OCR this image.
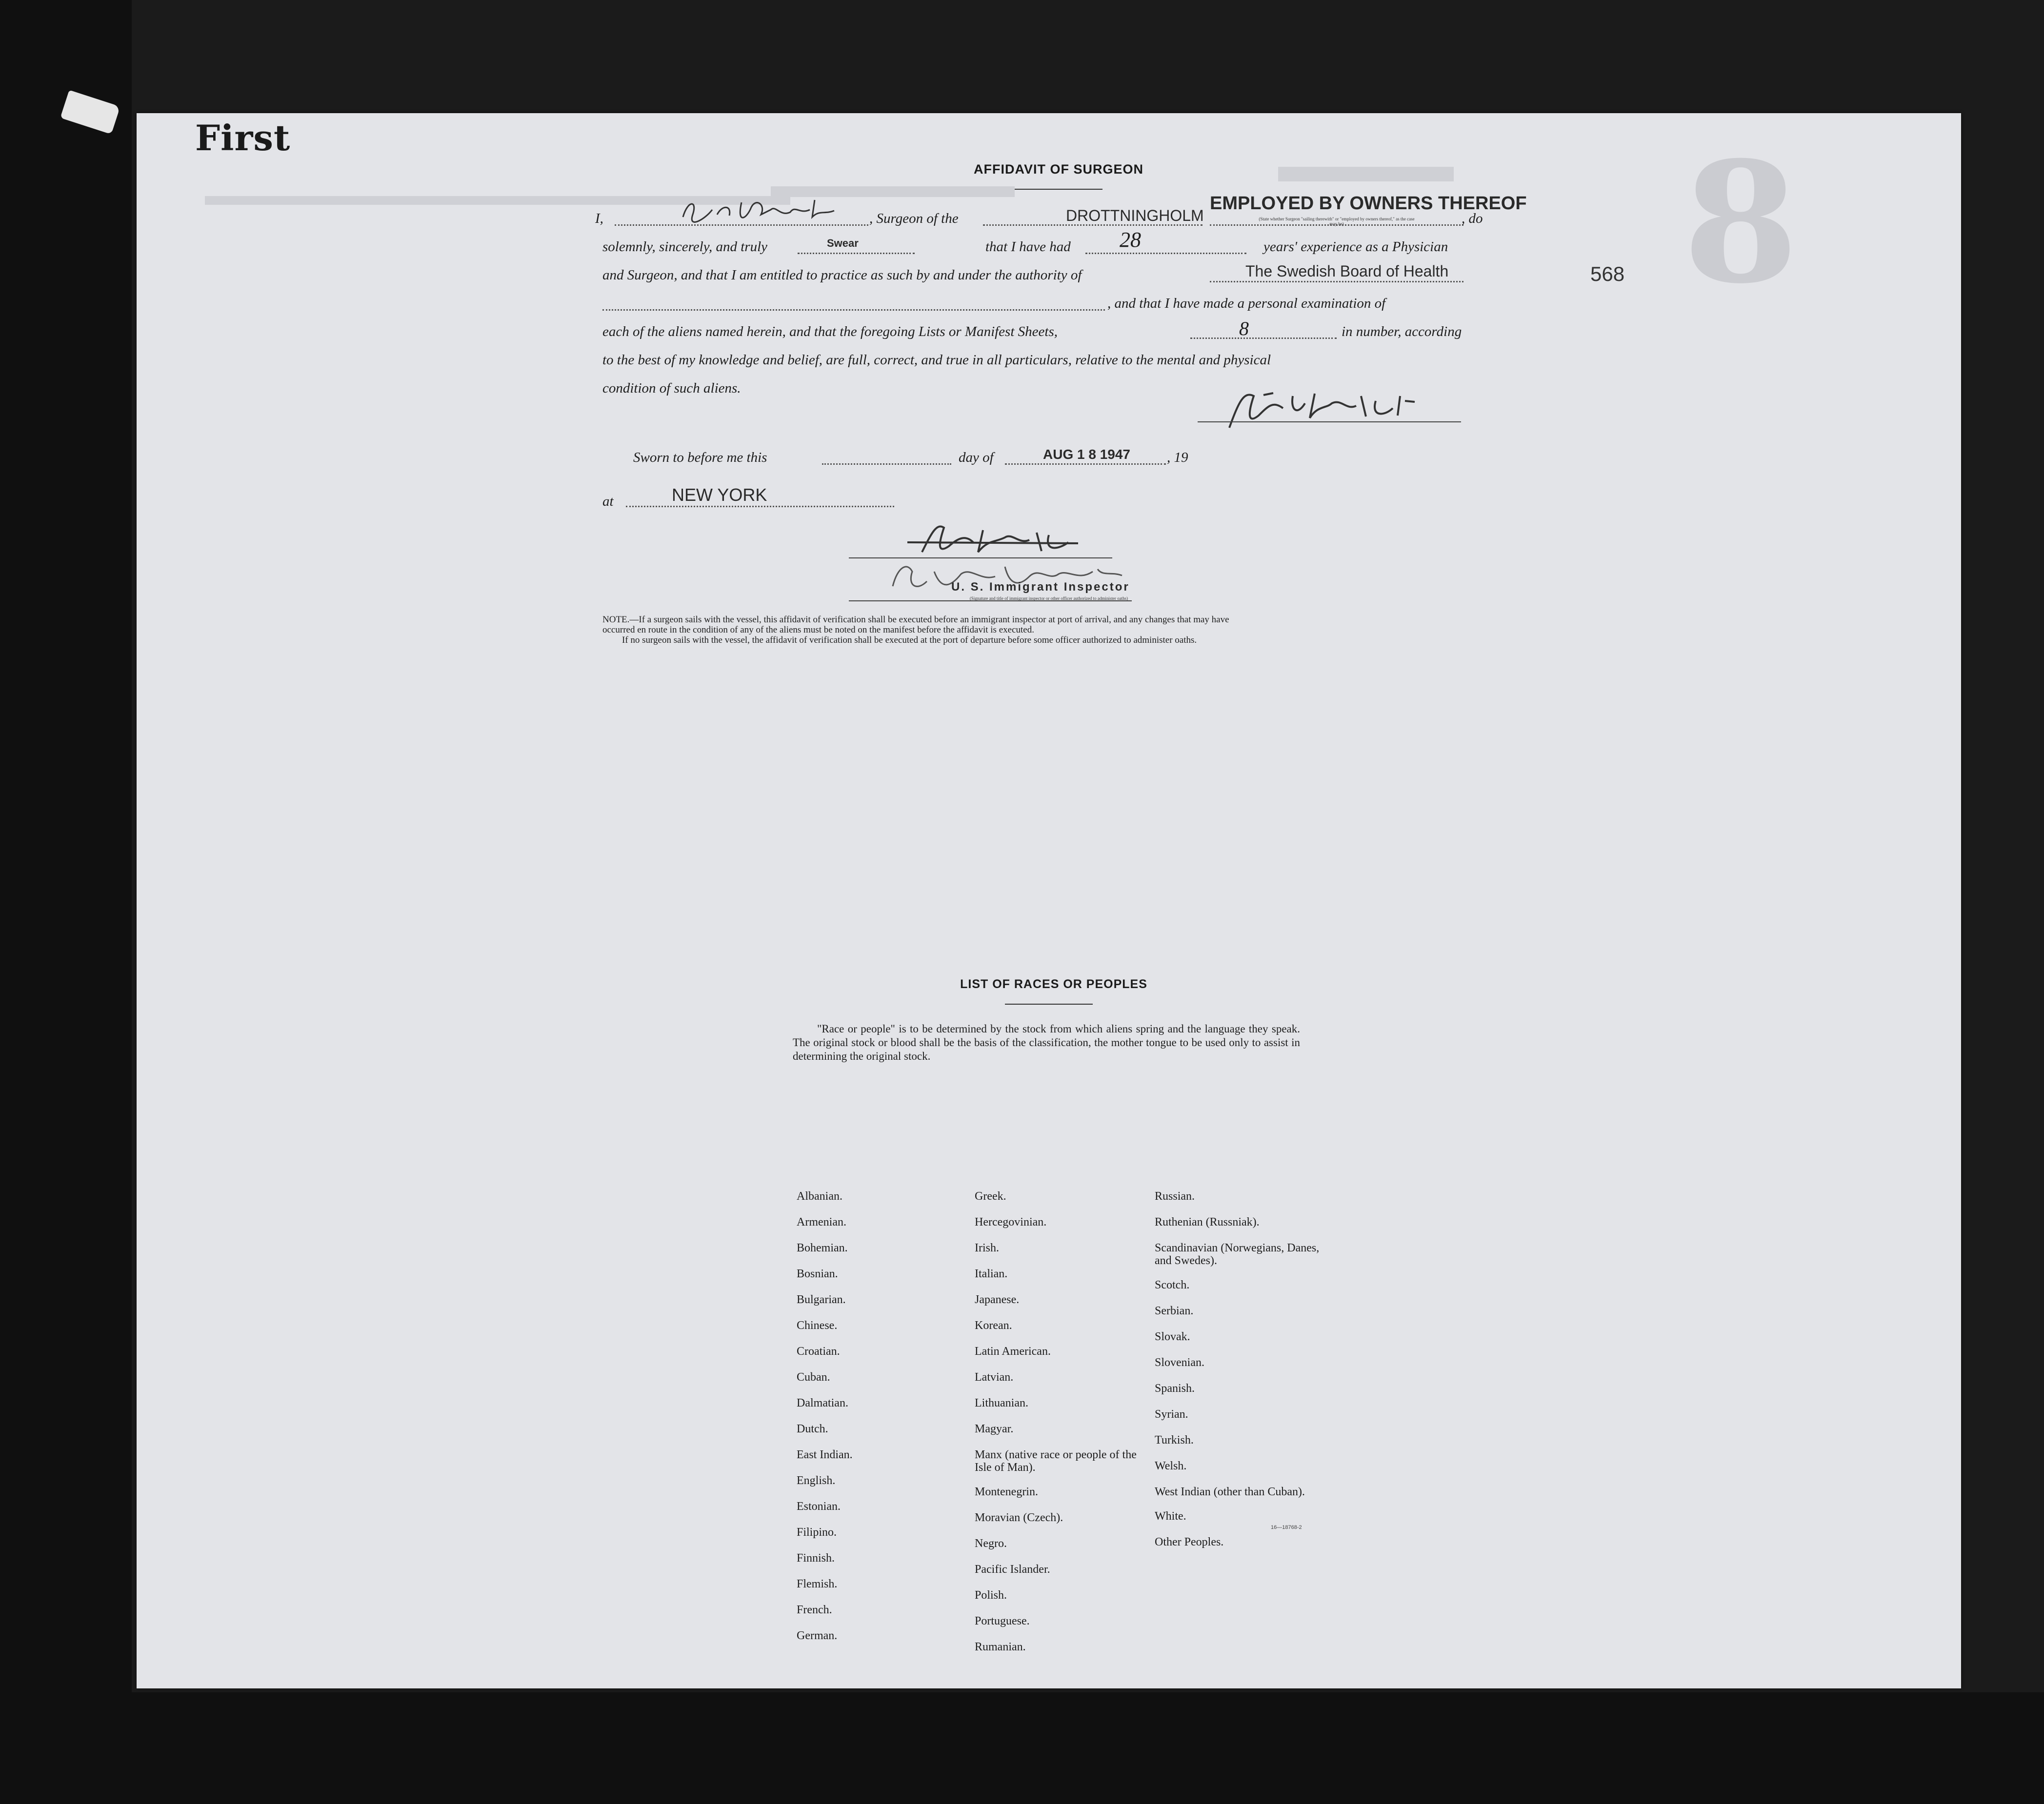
First	8
568
AFFIDAVIT OF SURGEON
I,	, Surgeon of the	DROTTNINGHOLM
EMPLOYED BY OWNERS THEREOF
(State whether Surgeon "sailing therewith" or "employed by owners thereof," as the case may be)	, do
solemnly, sincerely, and truly	Swear	that I have had 28	years' experience as a Physician
and Surgeon, and that I am entitled to practice as such by and under the authority of	The Swedish Board of Health
, and that I have made a personal examination of
each of the aliens named herein, and that the foregoing Lists or Manifest Sheets,	8	in number, according
to the best of my knowledge and belief, are full, correct, and true in all particulars, relative to the mental and physical
condition of such aliens.
Sworn to before me this	day of	AUG 1 8 1947	, 19
at	NEW YORK
U. S. Immigrant Inspector
(Signature and title of immigrant inspector or other officer authorized to administer oaths)
NOTE.—If a surgeon sails with the vessel, this affidavit of verification shall be executed before an immigrant inspector at port of arrival, and any changes that may have
occurred en route in the condition of any of the aliens must be noted on the manifest before the affidavit is executed.
If no surgeon sails with the vessel, the affidavit of verification shall be executed at the port of departure before some officer authorized to administer oaths.
LIST OF RACES OR PEOPLES
"Race or people" is to be determined by the stock from which aliens spring and the language they speak. The original stock or blood shall be the basis of the classification, the mother tongue to be used only to assist in determining the original stock.
Albanian.
Armenian.
Bohemian.
Bosnian.
Bulgarian.
Chinese.
Croatian.
Cuban.
Dalmatian.
Dutch.
East Indian.
English.
Estonian.
Filipino.
Finnish.
Flemish.
French.
German.
Greek.
Hercegovinian.
Irish.
Italian.
Japanese.
Korean.
Latin American.
Latvian.
Lithuanian.
Magyar.
Manx (native race or people of the Isle of Man).
Montenegrin.
Moravian (Czech).
Negro.
Pacific Islander.
Polish.
Portuguese.
Rumanian.
Russian.
Ruthenian (Russniak).
Scandinavian (Norwegians, Danes, and Swedes).
Scotch.
Serbian.
Slovak.
Slovenian.
Spanish.
Syrian.
Turkish.
Welsh.
West Indian (other than Cuban).
White.
Other Peoples.
16—18768-2
